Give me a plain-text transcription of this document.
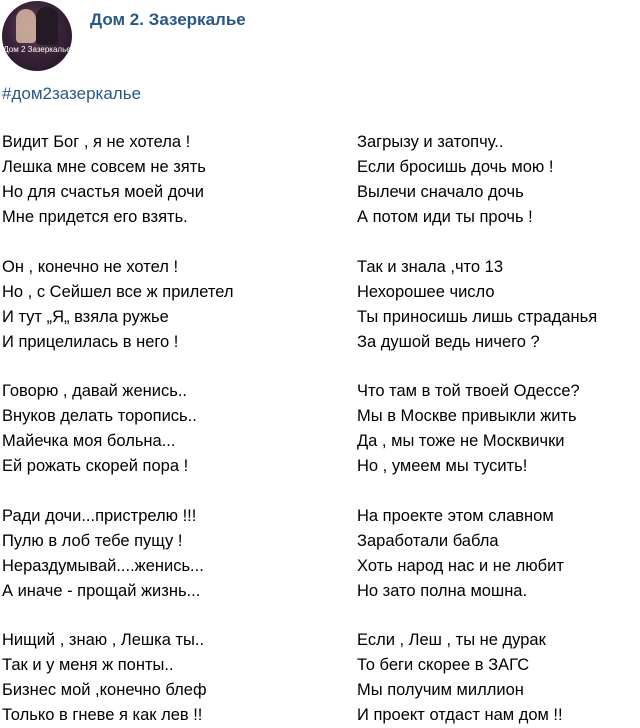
Дом 2 Зазеркалье
Дом 2. Зазеркалье
#дом2зазеркалье
Видит Бог , я не хотела !
Лешка мне совсем не зять
Но для счастья моей дочи
Мне придется его взять.
Он , конечно не хотел !
Но , с Сейшел все ж прилетел
И тут „Я„ взяла ружье
И прицелилась в него !
Говорю , давай женись..
Внуков делать торопись..
Майечка моя больна...
Ей рожать скорей пора !
Ради дочи...пристрелю !!!
Пулю в лоб тебе пущу !
Нераздумывай....женись...
А иначе - прощай жизнь...
Нищий , знаю , Лешка ты..
Так и у меня ж понты..
Бизнес мой ,конечно блеф
Только в гневе я как лев !!
Загрызу и затопчу..
Если бросишь дочь мою !
Вылечи сначало дочь
А потом иди ты прочь !
Так и знала ,что 13
Нехорошее число
Ты приносишь лишь страданья
За душой ведь ничего ?
Что там в той твоей Одессе?
Мы в Москве привыкли жить
Да , мы тоже не Москвички
Но , умеем мы тусить!
На проекте этом славном
Заработали бабла
Хоть народ нас и не любит
Но зато полна мошна.
Если , Леш , ты не дурак
То беги скорее в ЗАГС
Мы получим миллион
И проект отдаст нам дом !!
